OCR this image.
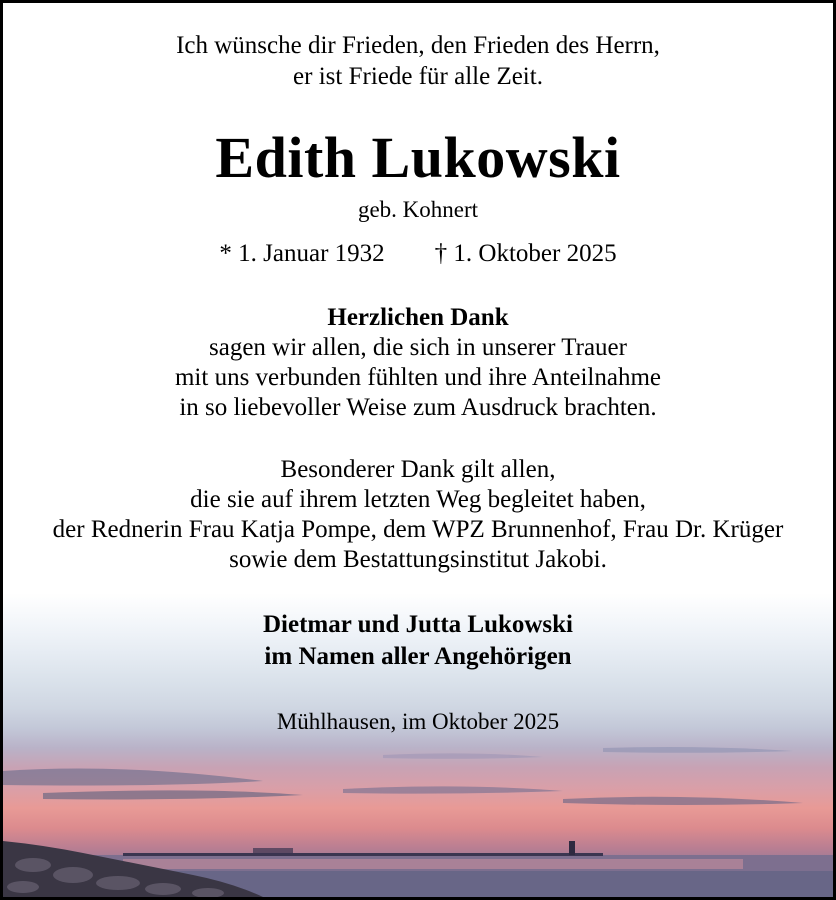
Ich wünsche dir Frieden, den Frieden des Herrn,
er ist Friede für alle Zeit.
Edith Lukowski
geb. Kohnert
* 1. Januar 1932 † 1. Oktober 2025
Herzlichen Dank
sagen wir allen, die sich in unserer Trauer
mit uns verbunden fühlten und ihre Anteilnahme
in so liebevoller Weise zum Ausdruck brachten.
Besonderer Dank gilt allen,
die sie auf ihrem letzten Weg begleitet haben,
der Rednerin Frau Katja Pompe, dem WPZ Brunnenhof, Frau Dr. Krüger
sowie dem Bestattungsinstitut Jakobi.
Dietmar und Jutta Lukowski
im Namen aller Angehörigen
Mühlhausen, im Oktober 2025
